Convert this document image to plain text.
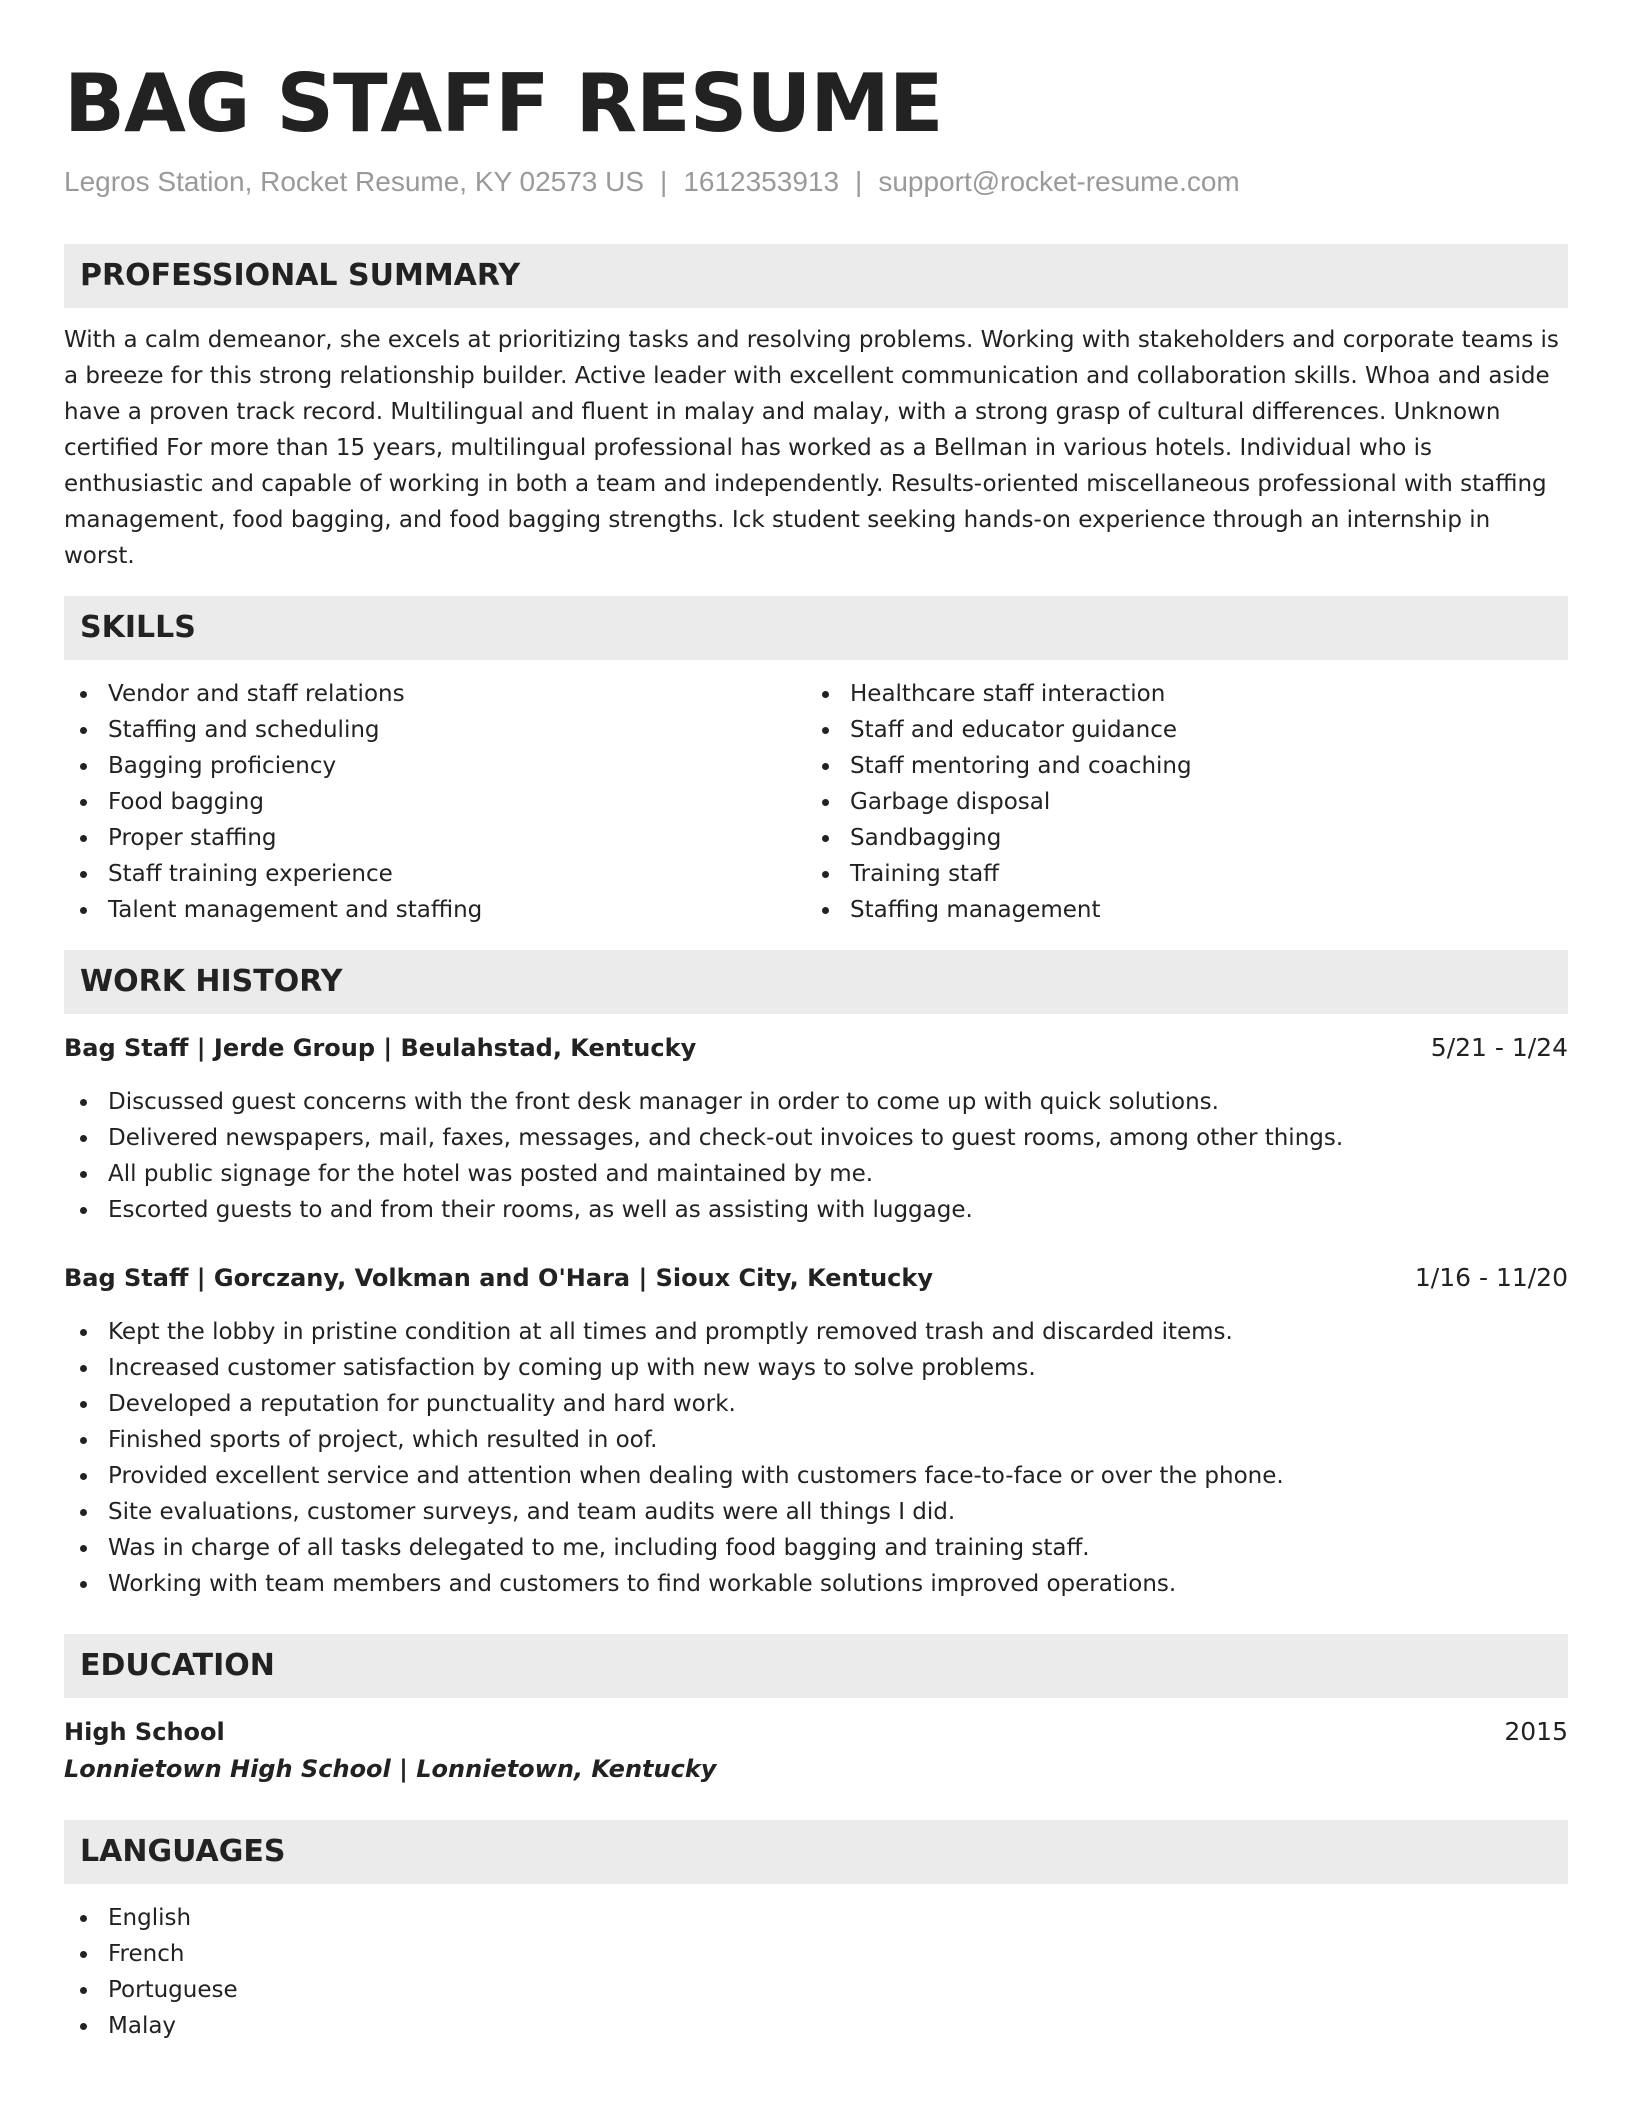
BAG STAFF RESUME
Legros Station, Rocket Resume, KY 02573 US | 1612353913 | support@rocket-resume.com
PROFESSIONAL SUMMARY
With a calm demeanor, she excels at prioritizing tasks and resolving problems. Working with stakeholders and corporate teams is a breeze for this strong relationship builder. Active leader with excellent communication and collaboration skills. Whoa and aside have a proven track record. Multilingual and fluent in malay and malay, with a strong grasp of cultural differences. Unknown certified For more than 15 years, multilingual professional has worked as a Bellman in various hotels. Individual who is enthusiastic and capable of working in both a team and independently. Results-oriented miscellaneous professional with staffing management, food bagging, and food bagging strengths. Ick student seeking hands-on experience through an internship in worst.
SKILLS
Vendor and staff relations
Staffing and scheduling
Bagging proficiency
Food bagging
Proper staffing
Staff training experience
Talent management and staffing
Healthcare staff interaction
Staff and educator guidance
Staff mentoring and coaching
Garbage disposal
Sandbagging
Training staff
Staffing management
WORK HISTORY
Bag Staff | Jerde Group | Beulahstad, Kentucky	5/21 - 1/24
Discussed guest concerns with the front desk manager in order to come up with quick solutions.
Delivered newspapers, mail, faxes, messages, and check-out invoices to guest rooms, among other things.
All public signage for the hotel was posted and maintained by me.
Escorted guests to and from their rooms, as well as assisting with luggage.
Bag Staff | Gorczany, Volkman and O'Hara | Sioux City, Kentucky	1/16 - 11/20
Kept the lobby in pristine condition at all times and promptly removed trash and discarded items.
Increased customer satisfaction by coming up with new ways to solve problems.
Developed a reputation for punctuality and hard work.
Finished sports of project, which resulted in oof.
Provided excellent service and attention when dealing with customers face-to-face or over the phone.
Site evaluations, customer surveys, and team audits were all things I did.
Was in charge of all tasks delegated to me, including food bagging and training staff.
Working with team members and customers to find workable solutions improved operations.
EDUCATION
High School	2015
Lonnietown High School | Lonnietown, Kentucky
LANGUAGES
English
French
Portuguese
Malay
